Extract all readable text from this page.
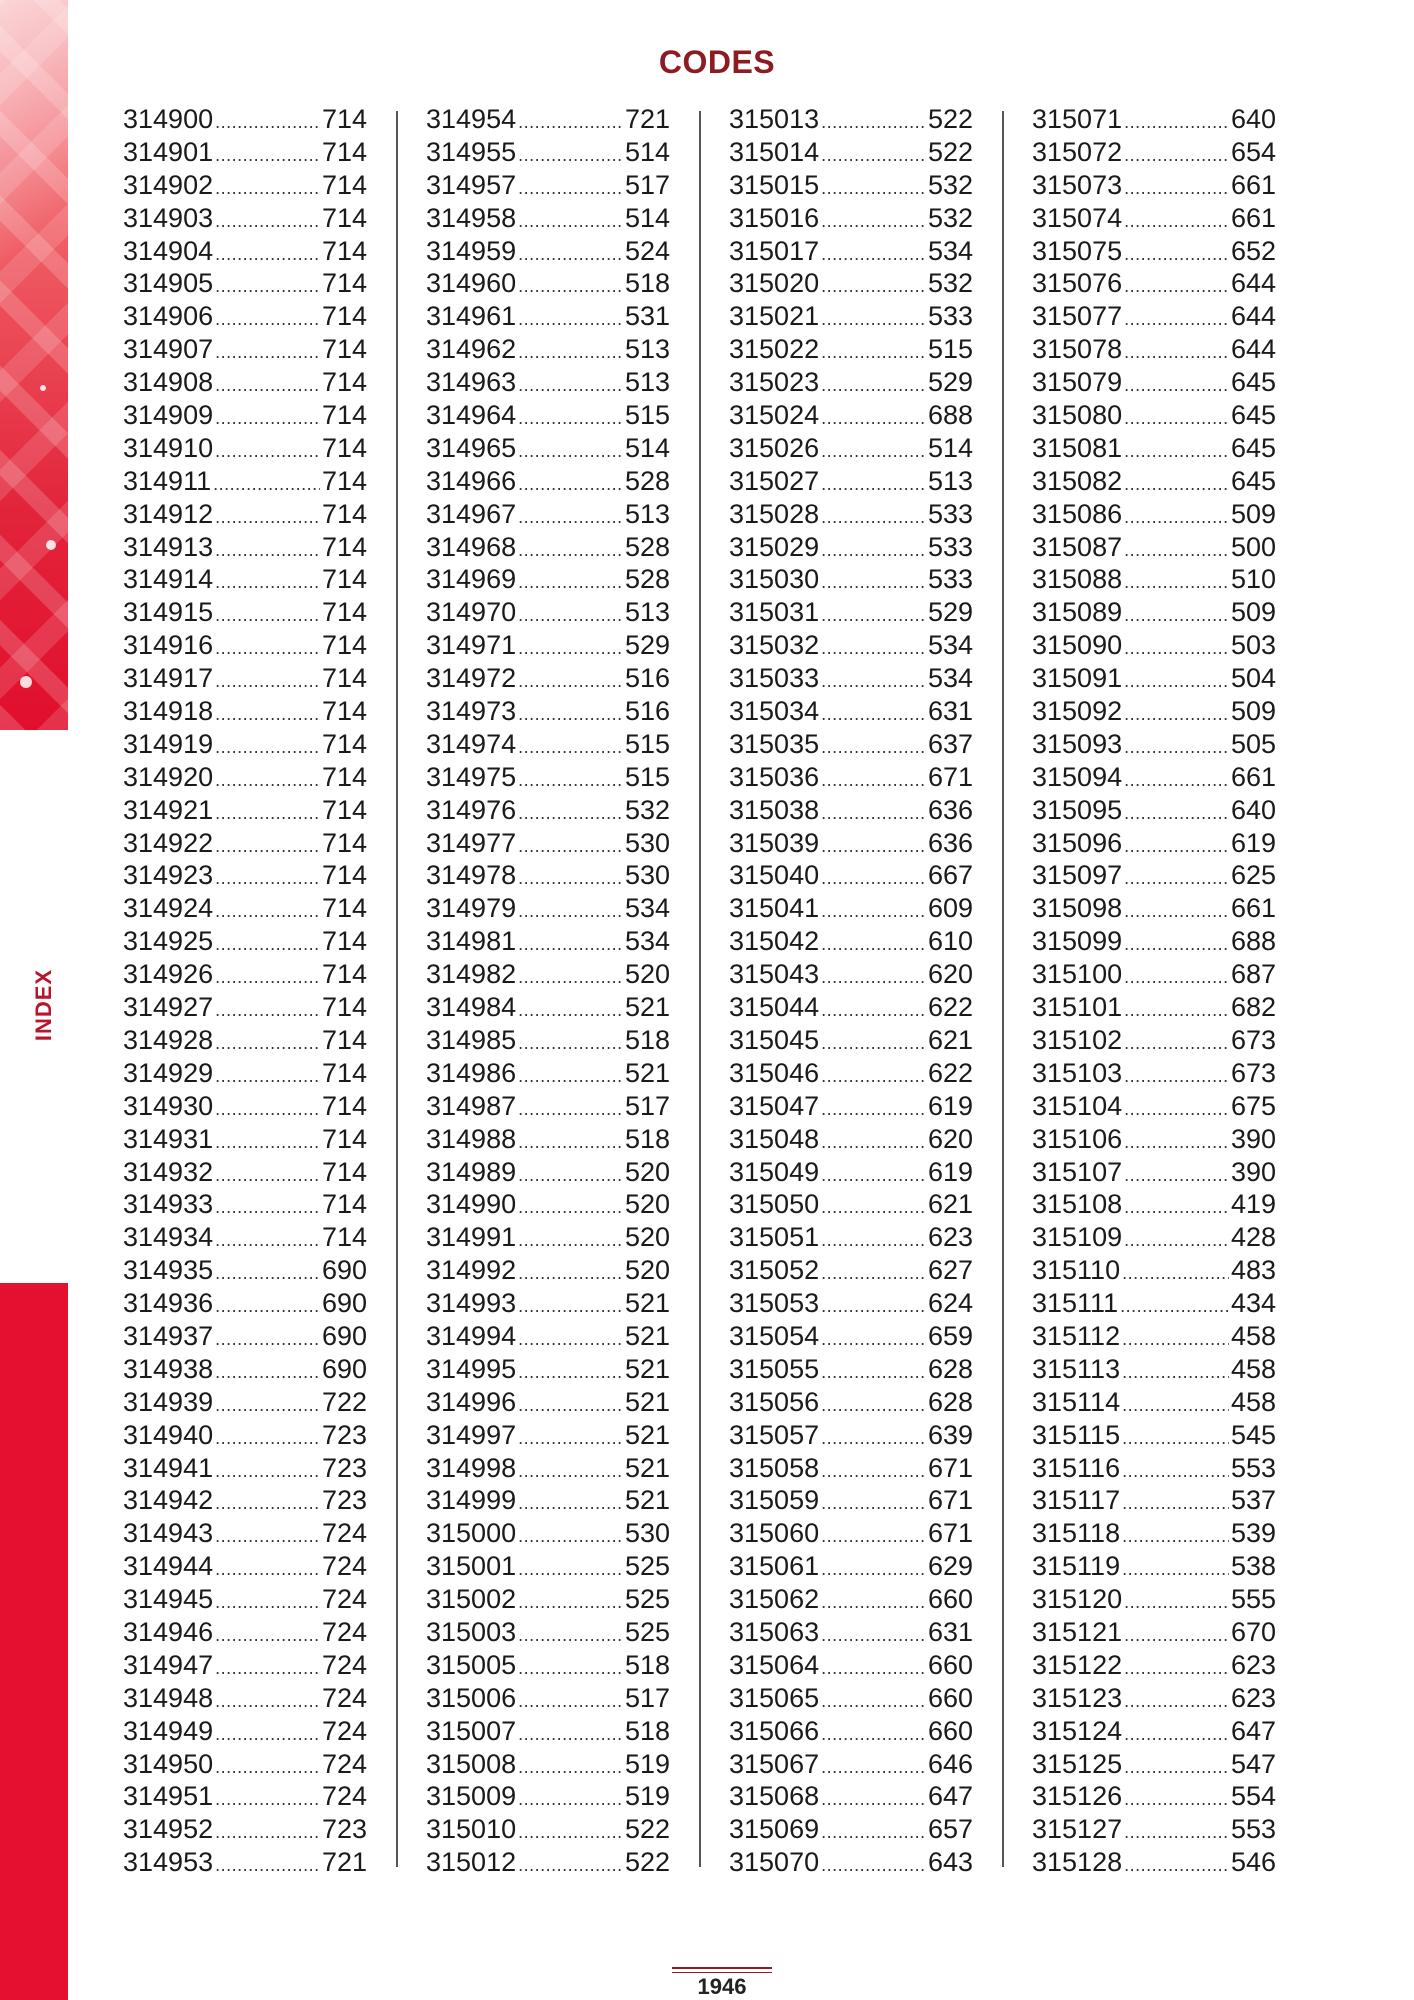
INDEX
CODES
314900 .....	714
314901 .....	714
314902 .....	714
314903 .....	714
314904 .....	714
314905 .....	714
314906 .....	714
314907 .....	714
314908 .....	714
314909 .....	714
314910 .....	714
314911 .....	714
314912 .....	714
314913 .....	714
314914 .....	714
314915 .....	714
314916 .....	714
314917 .....	714
314918 .....	714
314919 .....	714
314920 .....	714
314921 .....	714
314922 .....	714
314923 .....	714
314924 .....	714
314925 .....	714
314926 .....	714
314927 .....	714
314928 .....	714
314929 .....	714
314930 .....	714
314931 .....	714
314932 .....	714
314933 .....	714
314934 .....	714
314935 .....	690
314936 .....	690
314937 .....	690
314938 .....	690
314939 .....	722
314940 .....	723
314941 .....	723
314942 .....	723
314943 .....	724
314944 .....	724
314945 .....	724
314946 .....	724
314947 .....	724
314948 .....	724
314949 .....	724
314950 .....	724
314951 .....	724
314952 .....	723
314953 .....	721
314954 .....	721
314955 .....	514
314957 .....	517
314958 .....	514
314959 .....	524
314960 .....	518
314961 .....	531
314962 .....	513
314963 .....	513
314964 .....	515
314965 .....	514
314966 .....	528
314967 .....	513
314968 .....	528
314969 .....	528
314970 .....	513
314971 .....	529
314972 .....	516
314973 .....	516
314974 .....	515
314975 .....	515
314976 .....	532
314977 .....	530
314978 .....	530
314979 .....	534
314981 .....	534
314982 .....	520
314984 .....	521
314985 .....	518
314986 .....	521
314987 .....	517
314988 .....	518
314989 .....	520
314990 .....	520
314991 .....	520
314992 .....	520
314993 .....	521
314994 .....	521
314995 .....	521
314996 .....	521
314997 .....	521
314998 .....	521
314999 .....	521
315000 .....	530
315001 .....	525
315002 .....	525
315003 .....	525
315005 .....	518
315006 .....	517
315007 .....	518
315008 .....	519
315009 .....	519
315010 .....	522
315012 .....	522
315013 .....	522
315014 .....	522
315015 .....	532
315016 .....	532
315017 .....	534
315020 .....	532
315021 .....	533
315022 .....	515
315023 .....	529
315024 .....	688
315026 .....	514
315027 .....	513
315028 .....	533
315029 .....	533
315030 .....	533
315031 .....	529
315032 .....	534
315033 .....	534
315034 .....	631
315035 .....	637
315036 .....	671
315038 .....	636
315039 .....	636
315040 .....	667
315041 .....	609
315042 .....	610
315043 .....	620
315044 .....	622
315045 .....	621
315046 .....	622
315047 .....	619
315048 .....	620
315049 .....	619
315050 .....	621
315051 .....	623
315052 .....	627
315053 .....	624
315054 .....	659
315055 .....	628
315056 .....	628
315057 .....	639
315058 .....	671
315059 .....	671
315060 .....	671
315061 .....	629
315062 .....	660
315063 .....	631
315064 .....	660
315065 .....	660
315066 .....	660
315067 .....	646
315068 .....	647
315069 .....	657
315070 .....	643
315071 .....	640
315072 .....	654
315073 .....	661
315074 .....	661
315075 .....	652
315076 .....	644
315077 .....	644
315078 .....	644
315079 .....	645
315080 .....	645
315081 .....	645
315082 .....	645
315086 .....	509
315087 .....	500
315088 .....	510
315089 .....	509
315090 .....	503
315091 .....	504
315092 .....	509
315093 .....	505
315094 .....	661
315095 .....	640
315096 .....	619
315097 .....	625
315098 .....	661
315099 .....	688
315100 .....	687
315101 .....	682
315102 .....	673
315103 .....	673
315104 .....	675
315106 .....	390
315107 .....	390
315108 .....	419
315109 .....	428
315110 .....	483
315111 .....	434
315112 .....	458
315113 .....	458
315114 .....	458
315115 .....	545
315116 .....	553
315117 .....	537
315118 .....	539
315119 .....	538
315120 .....	555
315121 .....	670
315122 .....	623
315123 .....	623
315124 .....	647
315125 .....	547
315126 .....	554
315127 .....	553
315128 .....	546
1946
